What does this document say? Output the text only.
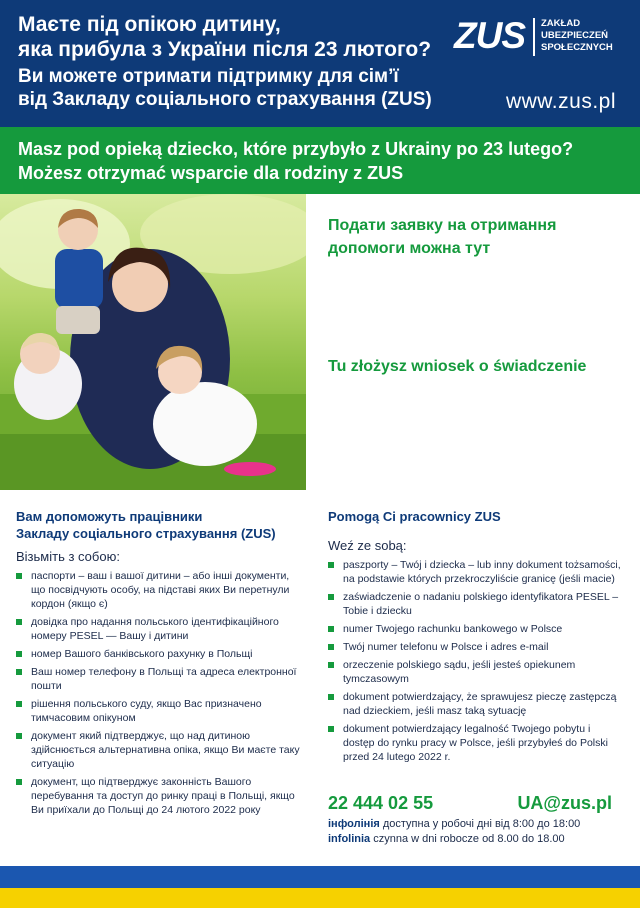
Маєте під опікою дитину,
яка прибула з України після 23 лютого?
Ви можете отримати підтримку для сім’ї
від Закладу соціального страхування (ZUS)
ZUS ZAKŁAD
UBEZPIECZEŃ
SPOŁECZNYCH
www.zus.pl
Masz pod opieką dziecko, które przybyło z Ukrainy po 23 lutego?
Możesz otrzymać wsparcie dla rodziny z ZUS
Подати заявку на отримання допомоги можна тут
Tu złożysz wniosek o świadczenie
Вам допоможуть працівники
Закладу соціального страхування (ZUS)
Візьміть з собою:
паспорти – ваш і вашої дитини – або інші документи, що посвідчують особу, на підставі яких Ви перетнули кордон (якщо є)
довідка про надання польського ідентифікаційного номеру PESEL — Вашу і дитини
номер Вашого банківського рахунку в Польщі
Ваш номер телефону в Польщі та адреса електронної пошти
рішення польського суду, якщо Вас призначено тимчасовим опікуном
документ який підтверджує, що над дитиною здійснюється альтернативна опіка, якщо Ви маєте таку ситуацію
документ, що підтверджує законність Вашого перебування та доступ до ринку праці в Польщі, якщо Ви приїхали до Польщі до 24 лютого 2022 року
Pomogą Ci pracownicy ZUS
Weź ze sobą:
paszporty – Twój i dziecka – lub inny dokument tożsamości, na podstawie których przekroczyliście granicę (jeśli macie)
zaświadczenie o nadaniu polskiego identyfikatora PESEL – Tobie i dziecku
numer Twojego rachunku bankowego w Polsce
Twój numer telefonu w Polsce i adres e-mail
orzeczenie polskiego sądu, jeśli jesteś opiekunem tymczasowym
dokument potwierdzający, że sprawujesz pieczę zastępczą nad dzieckiem, jeśli masz taką sytuację
dokument potwierdzający legalność Twojego pobytu i dostęp do rynku pracy w Polsce, jeśli przybyłeś do Polski przed 24 lutego 2022 r.
22 444 02 55	UA@zus.pl
інфолінія доступна у робочі дні від 8:00 до 18:00
infolinia czynna w dni robocze od 8.00 do 18.00
